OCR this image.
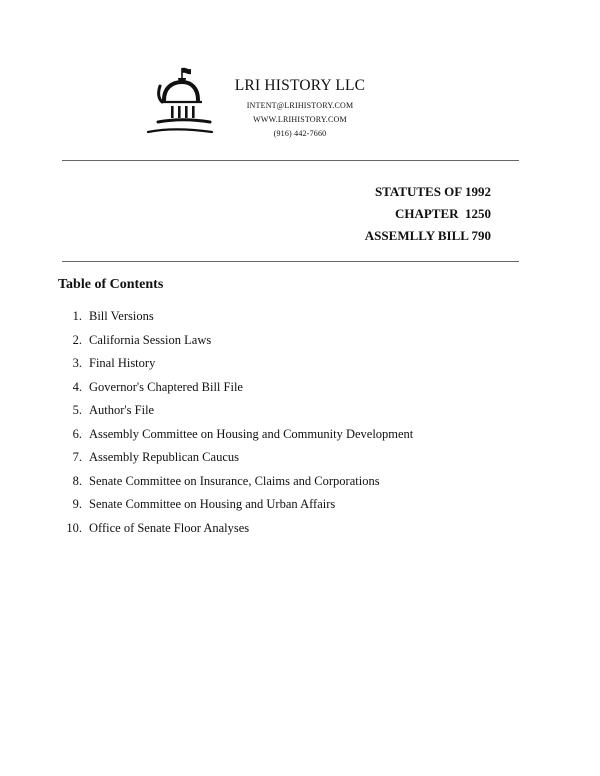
LRI HISTORY LLC
INTENT@LRIHISTORY.COM
WWW.LRIHISTORY.COM
(916) 442-7660
STATUTES OF 1992
CHAPTER  1250
ASSEMLLY BILL 790
Table of Contents
1. Bill Versions
2. California Session Laws
3. Final History
4. Governor's Chaptered Bill File
5. Author's File
6. Assembly Committee on Housing and Community Development
7. Assembly Republican Caucus
8. Senate Committee on Insurance, Claims and Corporations
9. Senate Committee on Housing and Urban Affairs
10. Office of Senate Floor Analyses
